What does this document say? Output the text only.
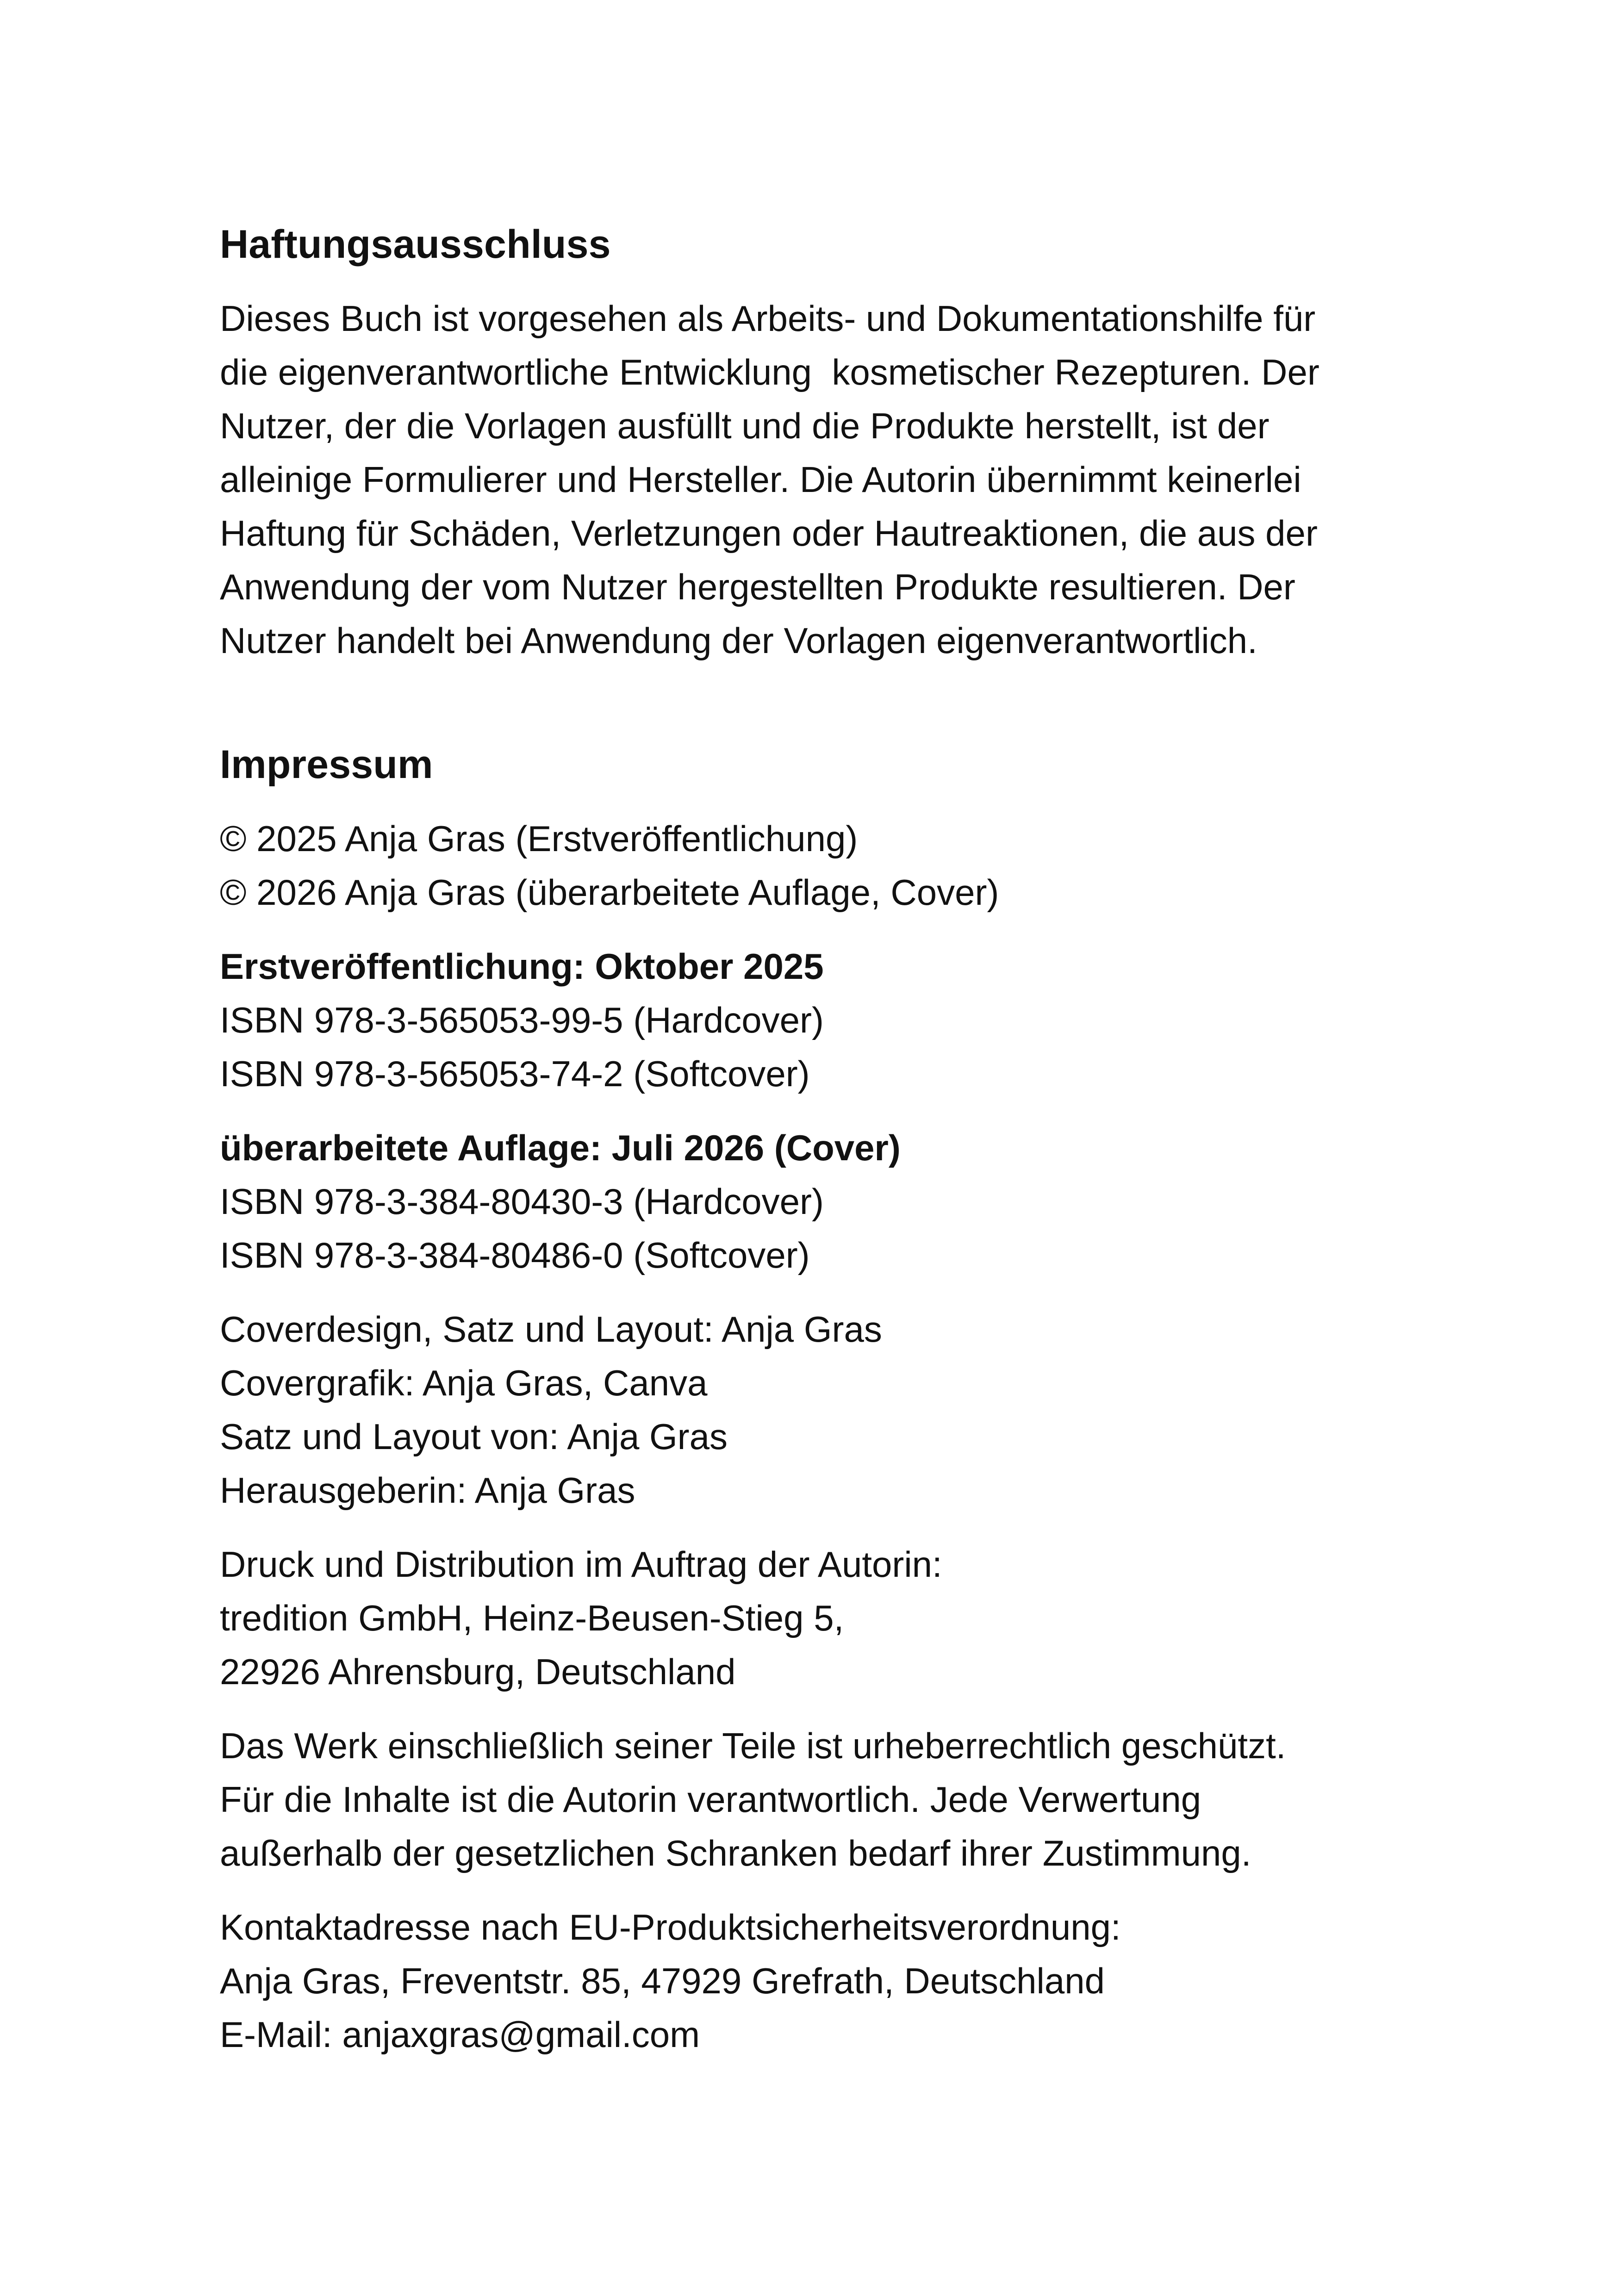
Haftungsausschluss

Dieses Buch ist vorgesehen als Arbeits- und Dokumentationshilfe für

die eigenverantwortliche Entwicklung  kosmetischer Rezepturen. Der

Nutzer, der die Vorlagen ausfüllt und die Produkte herstellt, ist der

alleinige Formulierer und Hersteller. Die Autorin übernimmt keinerlei

Haftung für Schäden, Verletzungen oder Hautreaktionen, die aus der

Anwendung der vom Nutzer hergestellten Produkte resultieren. Der

Nutzer handelt bei Anwendung der Vorlagen eigenverantwortlich.

Impressum

© 2025 Anja Gras (Erstveröffentlichung)

© 2026 Anja Gras (überarbeitete Auflage, Cover)

Erstveröffentlichung: Oktober 2025

ISBN 978-3-565053-99-5 (Hardcover)

ISBN 978-3-565053-74-2 (Softcover)

überarbeitete Auflage: Juli 2026 (Cover)

ISBN 978-3-384-80430-3 (Hardcover)

ISBN 978-3-384-80486-0 (Softcover)

Coverdesign, Satz und Layout: Anja Gras

Covergrafik: Anja Gras, Canva

Satz und Layout von: Anja Gras

Herausgeberin: Anja Gras

Druck und Distribution im Auftrag der Autorin:

tredition GmbH, Heinz-Beusen-Stieg 5,

22926 Ahrensburg, Deutschland

Das Werk einschließlich seiner Teile ist urheberrechtlich geschützt.

Für die Inhalte ist die Autorin verantwortlich. Jede Verwertung

außerhalb der gesetzlichen Schranken bedarf ihrer Zustimmung.

Kontaktadresse nach EU-Produktsicherheitsverordnung:

Anja Gras, Freventstr. 85, 47929 Grefrath, Deutschland

E-Mail: anjaxgras@gmail.com
